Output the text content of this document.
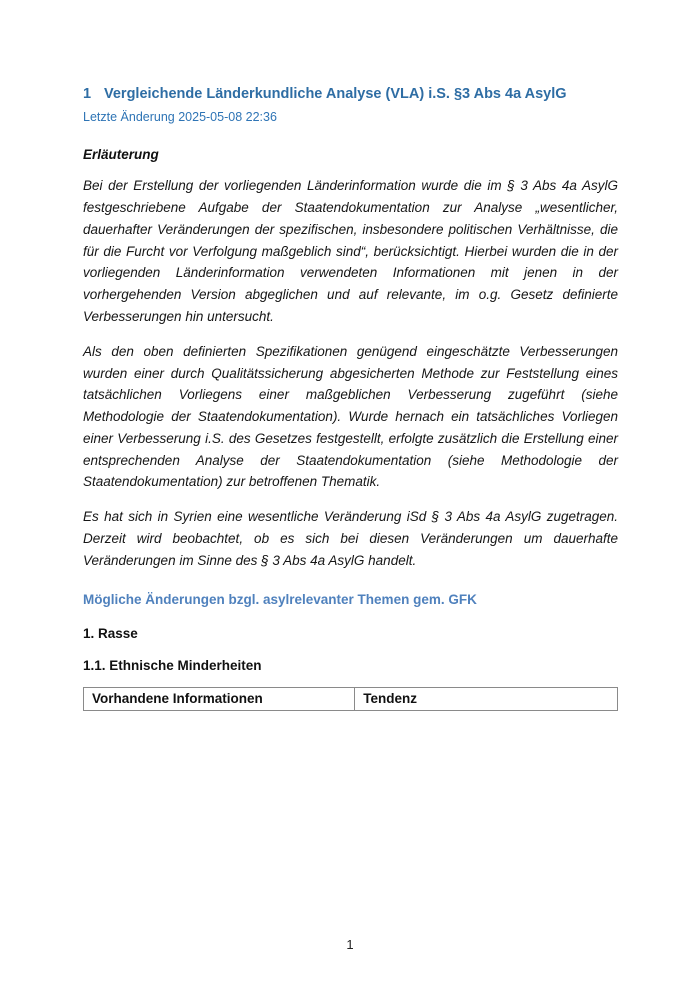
1 Vergleichende Länderkundliche Analyse (VLA) i.S. §3 Abs 4a AsylG
Letzte Änderung 2025-05-08 22:36
Erläuterung

Bei der Erstellung der vorliegenden Länderinformation wurde die im § 3 Abs 4a AsylG festgeschriebene Aufgabe der Staatendokumentation zur Analyse „wesentlicher, dauerhafter Veränderungen der spezifischen, insbesondere politischen Verhältnisse, die für die Furcht vor Verfolgung maßgeblich sind“, berücksichtigt. Hierbei wurden die in der vorliegenden Länderinformation verwendeten Informationen mit jenen in der vorhergehenden Version abgeglichen und auf relevante, im o.g. Gesetz definierte Verbesserungen hin untersucht.

Als den oben definierten Spezifikationen genügend eingeschätzte Verbesserungen wurden einer durch Qualitätssicherung abgesicherten Methode zur Feststellung eines tatsächlichen Vorliegens einer maßgeblichen Verbesserung zugeführt (siehe Methodologie der Staatendokumentation). Wurde hernach ein tatsächliches Vorliegen einer Verbesserung i.S. des Gesetzes festgestellt, erfolgte zusätzlich die Erstellung einer entsprechenden Analyse der Staatendokumentation (siehe Methodologie der Staatendokumentation) zur betroffenen Thematik.

Es hat sich in Syrien eine wesentliche Veränderung iSd § 3 Abs 4a AsylG zugetragen. Derzeit wird beobachtet, ob es sich bei diesen Veränderungen um dauerhafte Veränderungen im Sinne des § 3 Abs 4a AsylG handelt.

Mögliche Änderungen bzgl. asylrelevanter Themen gem. GFK
1. Rasse
1.1. Ethnische Minderheiten
Vorhandene Informationen	Tendenz
1
